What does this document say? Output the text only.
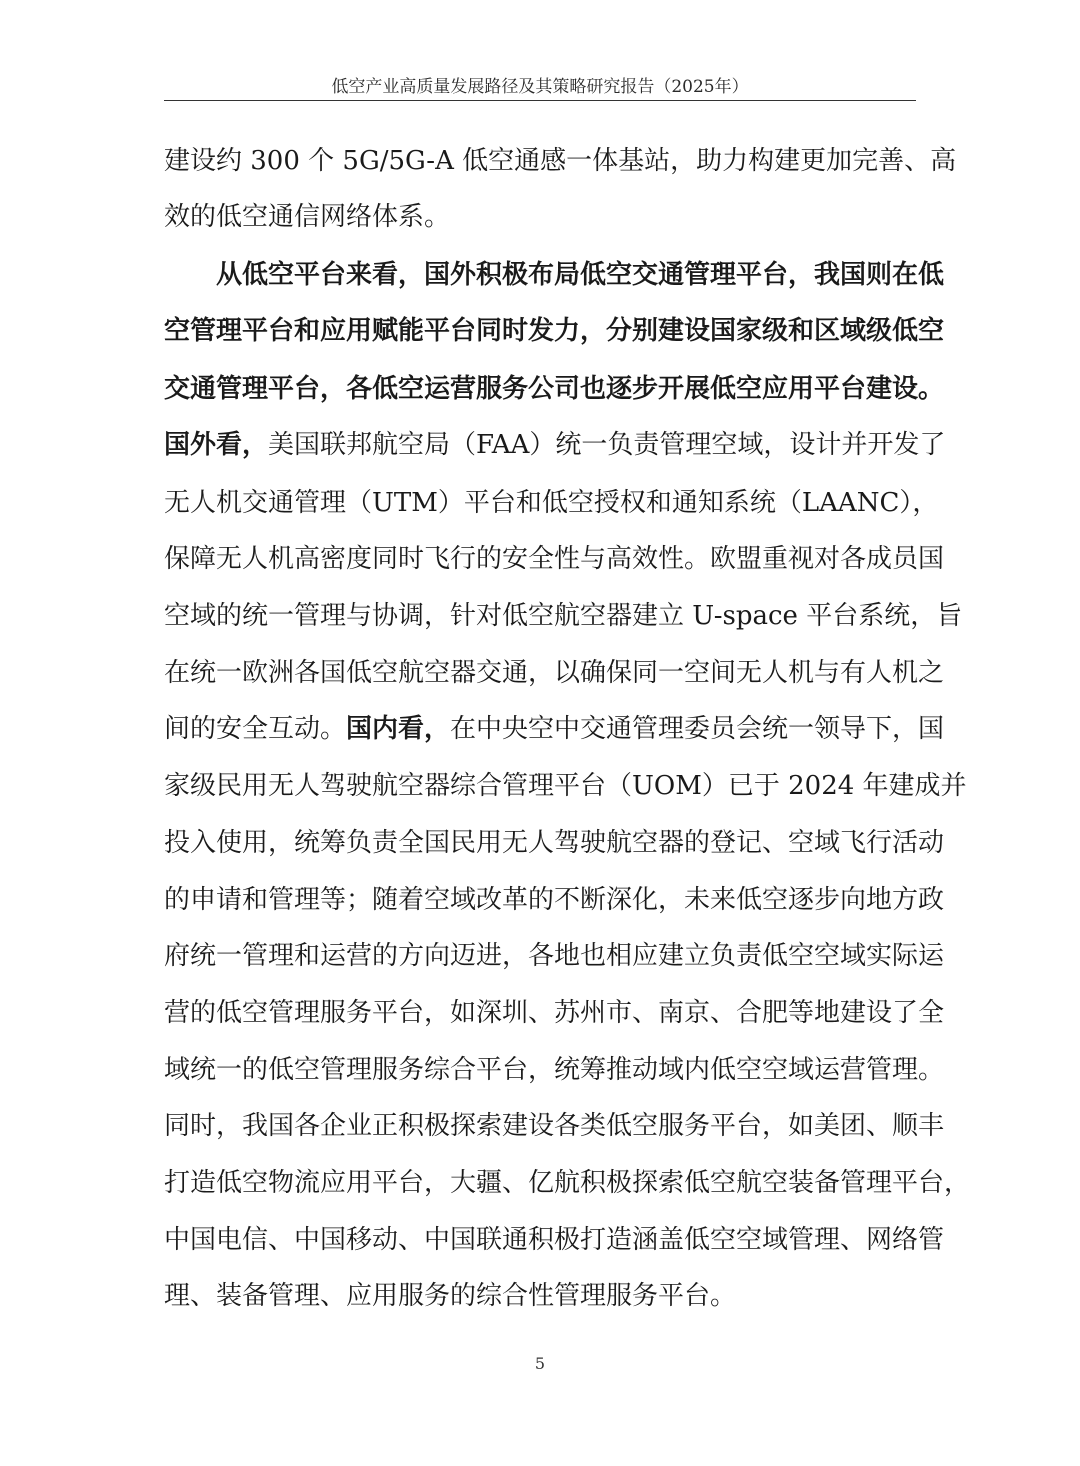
低空产业高质量发展路径及其策略研究报告（2025年）
建设约 300 个 5G/5G-A 低空通感一体基站，助力构建更加完善、高
效的低空通信网络体系。
从低空平台来看，国外积极布局低空交通管理平台，我国则在低
空管理平台和应用赋能平台同时发力，分别建设国家级和区域级低空
交通管理平台，各低空运营服务公司也逐步开展低空应用平台建设。
国外看，美国联邦航空局（FAA）统一负责管理空域，设计并开发了
无人机交通管理（UTM）平台和低空授权和通知系统（LAANC），
保障无人机高密度同时飞行的安全性与高效性。欧盟重视对各成员国
空域的统一管理与协调，针对低空航空器建立 U-space 平台系统，旨
在统一欧洲各国低空航空器交通，以确保同一空间无人机与有人机之
间的安全互动。国内看，在中央空中交通管理委员会统一领导下，国
家级民用无人驾驶航空器综合管理平台（UOM）已于 2024 年建成并
投入使用，统筹负责全国民用无人驾驶航空器的登记、空域飞行活动
的申请和管理等；随着空域改革的不断深化，未来低空逐步向地方政
府统一管理和运营的方向迈进，各地也相应建立负责低空空域实际运
营的低空管理服务平台，如深圳、苏州市、南京、合肥等地建设了全
域统一的低空管理服务综合平台，统筹推动域内低空空域运营管理。
同时，我国各企业正积极探索建设各类低空服务平台，如美团、顺丰
打造低空物流应用平台，大疆、亿航积极探索低空航空装备管理平台，
中国电信、中国移动、中国联通积极打造涵盖低空空域管理、网络管
理、装备管理、应用服务的综合性管理服务平台。
5
